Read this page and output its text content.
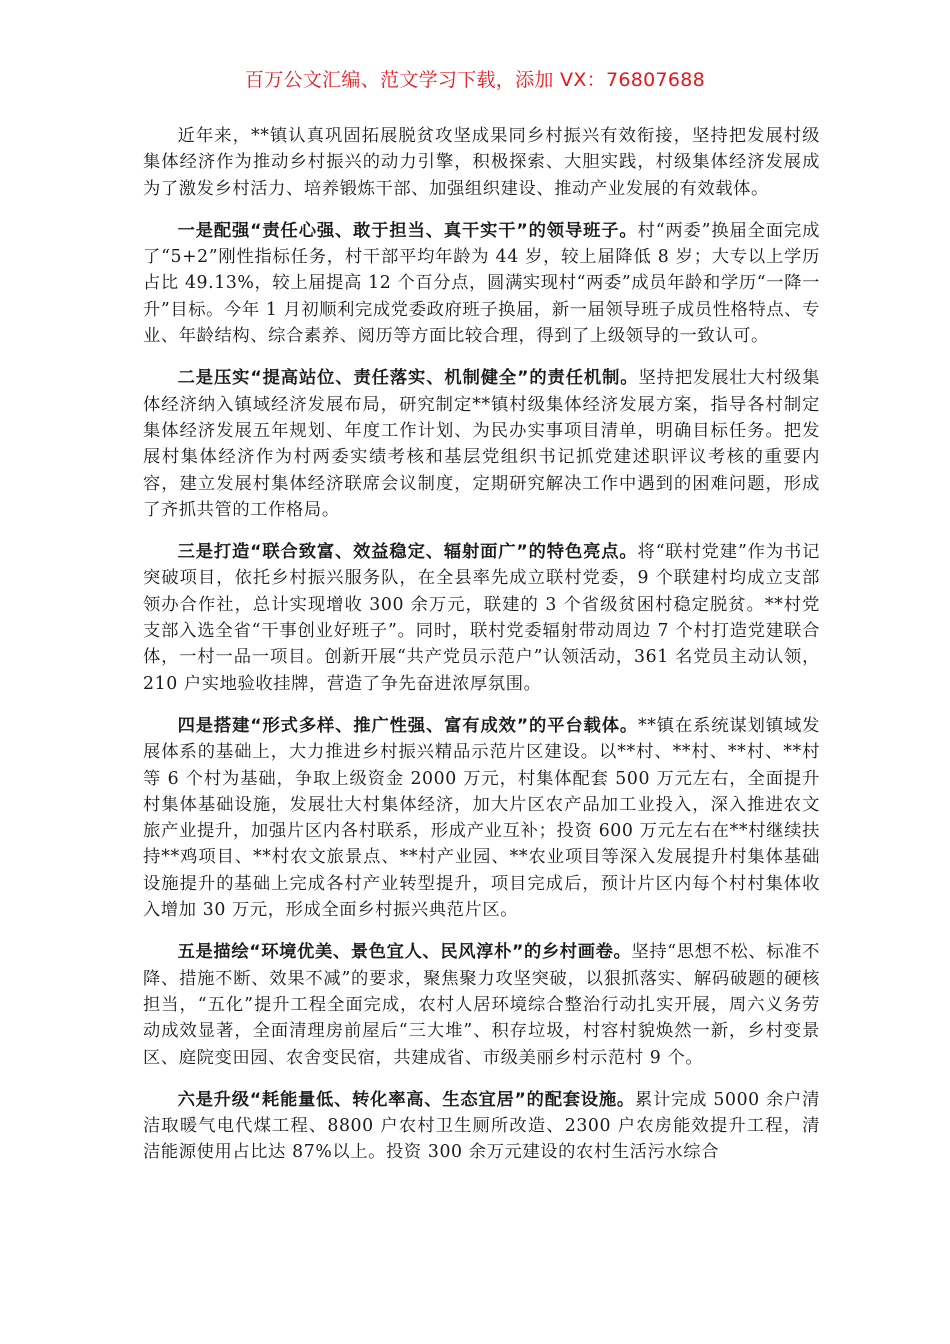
百万公文汇编、范文学习下载，添加 VX：76807688

近年来，**镇认真巩固拓展脱贫攻坚成果同乡村振兴有效衔接，坚持把发展村级集体经济作为推动乡村振兴的动力引擎，积极探索、大胆实践，村级集体经济发展成为了激发乡村活力、培养锻炼干部、加强组织建设、推动产业发展的有效载体。

一是配强“责任心强、敢于担当、真干实干”的领导班子。村“两委”换届全面完成了“5+2”刚性指标任务，村干部平均年龄为 44 岁，较上届降低 8 岁；大专以上学历占比 49.13%，较上届提高 12 个百分点，圆满实现村“两委”成员年龄和学历“一降一升”目标。今年 1 月初顺利完成党委政府班子换届，新一届领导班子成员性格特点、专业、年龄结构、综合素养、阅历等方面比较合理，得到了上级领导的一致认可。

二是压实“提高站位、责任落实、机制健全”的责任机制。坚持把发展壮大村级集体经济纳入镇域经济发展布局，研究制定**镇村级集体经济发展方案，指导各村制定集体经济发展五年规划、年度工作计划、为民办实事项目清单，明确目标任务。把发展村集体经济作为村两委实绩考核和基层党组织书记抓党建述职评议考核的重要内容，建立发展村集体经济联席会议制度，定期研究解决工作中遇到的困难问题，形成了齐抓共管的工作格局。

三是打造“联合致富、效益稳定、辐射面广”的特色亮点。将“联村党建”作为书记突破项目，依托乡村振兴服务队，在全县率先成立联村党委，9 个联建村均成立支部领办合作社，总计实现增收 300 余万元，联建的 3 个省级贫困村稳定脱贫。**村党支部入选全省“干事创业好班子”。同时，联村党委辐射带动周边 7 个村打造党建联合体，一村一品一项目。创新开展“共产党员示范户”认领活动，361 名党员主动认领，210 户实地验收挂牌，营造了争先奋进浓厚氛围。

四是搭建“形式多样、推广性强、富有成效”的平台载体。**镇在系统谋划镇域发展体系的基础上，大力推进乡村振兴精品示范片区建设。以**村、**村、**村、**村等 6 个村为基础，争取上级资金 2000 万元，村集体配套 500 万元左右，全面提升村集体基础设施，发展壮大村集体经济，加大片区农产品加工业投入，深入推进农文旅产业提升，加强片区内各村联系，形成产业互补；投资 600 万元左右在**村继续扶持**鸡项目、**村农文旅景点、**村产业园、**农业项目等深入发展提升村集体基础设施提升的基础上完成各村产业转型提升，项目完成后，预计片区内每个村村集体收入增加 30 万元，形成全面乡村振兴典范片区。

五是描绘“环境优美、景色宜人、民风淳朴”的乡村画卷。坚持“思想不松、标准不降、措施不断、效果不减”的要求，聚焦聚力攻坚突破，以狠抓落实、解码破题的硬核担当，“五化”提升工程全面完成，农村人居环境综合整治行动扎实开展，周六义务劳动成效显著，全面清理房前屋后“三大堆”、积存垃圾，村容村貌焕然一新，乡村变景区、庭院变田园、农舍变民宿，共建成省、市级美丽乡村示范村 9 个。

六是升级“耗能量低、转化率高、生态宜居”的配套设施。累计完成 5000 余户清洁取暖气电代煤工程、8800 户农村卫生厕所改造、2300 户农房能效提升工程，清洁能源使用占比达 87%以上。投资 300 余万元建设的农村生活污水综合
